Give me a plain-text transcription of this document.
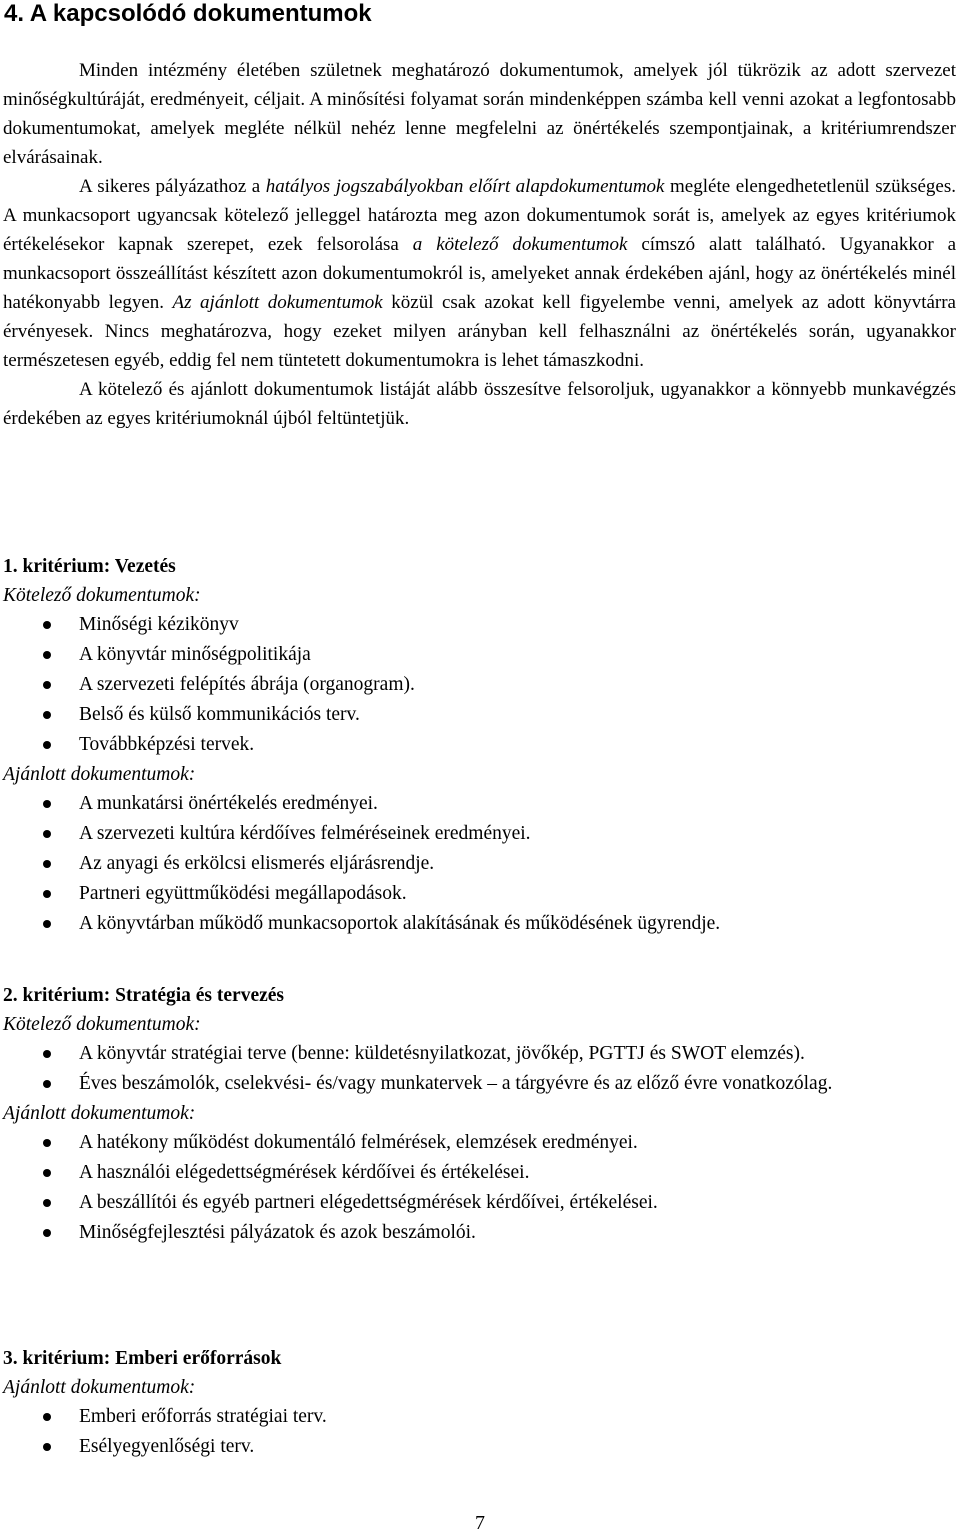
4. A kapcsolódó dokumentumok

Minden intézmény életében születnek meghatározó dokumentumok, amelyek jól tükrözik az adott szervezet minőségkultúráját, eredményeit, céljait. A minősítési folyamat során mindenképpen számba kell venni azokat a legfontosabb dokumentumokat, amelyek megléte nélkül nehéz lenne megfelelni az önértékelés szempontjainak, a kritériumrendszer elvárásainak.

A sikeres pályázathoz a hatályos jogszabályokban előírt alapdokumentumok megléte elengedhetetlenül szükséges. A munkacsoport ugyancsak kötelező jelleggel határozta meg azon dokumentumok sorát is, amelyek az egyes kritériumok értékelésekor kapnak szerepet, ezek felsorolása a kötelező dokumentumok címszó alatt található. Ugyanakkor a munkacsoport összeállítást készített azon dokumentumokról is, amelyeket annak érdekében ajánl, hogy az önértékelés minél hatékonyabb legyen. Az ajánlott dokumentumok közül csak azokat kell figyelembe venni, amelyek az adott könyvtárra érvényesek. Nincs meghatározva, hogy ezeket milyen arányban kell felhasználni az önértékelés során, ugyanakkor természetesen egyéb, eddig fel nem tüntetett dokumentumokra is lehet támaszkodni.

A kötelező és ajánlott dokumentumok listáját alább összesítve felsoroljuk, ugyanakkor a könnyebb munkavégzés érdekében az egyes kritériumoknál újból feltüntetjük.

1. kritérium: Vezetés

Kötelező dokumentumok:

Minőségi kézikönyv
A könyvtár minőségpolitikája
A szervezeti felépítés ábrája (organogram).
Belső és külső kommunikációs terv.
Továbbképzési tervek.

Ajánlott dokumentumok:

A munkatársi önértékelés eredményei.
A szervezeti kultúra kérdőíves felméréseinek eredményei.
Az anyagi és erkölcsi elismerés eljárásrendje.
Partneri együttműködési megállapodások.
A könyvtárban működő munkacsoportok alakításának és működésének ügyrendje.

2. kritérium: Stratégia és tervezés

Kötelező dokumentumok:

A könyvtár stratégiai terve (benne: küldetésnyilatkozat, jövőkép, PGTTJ és SWOT elemzés).
Éves beszámolók, cselekvési- és/vagy munkatervek – a tárgyévre és az előző évre vonatkozólag.

Ajánlott dokumentumok:

A hatékony működést dokumentáló felmérések, elemzések eredményei.
A használói elégedettségmérések kérdőívei és értékelései.
A beszállítói és egyéb partneri elégedettségmérések kérdőívei, értékelései.
Minőségfejlesztési pályázatok és azok beszámolói.

3. kritérium: Emberi erőforrások

Ajánlott dokumentumok:

Emberi erőforrás stratégiai terv.
Esélyegyenlőségi terv.
7
